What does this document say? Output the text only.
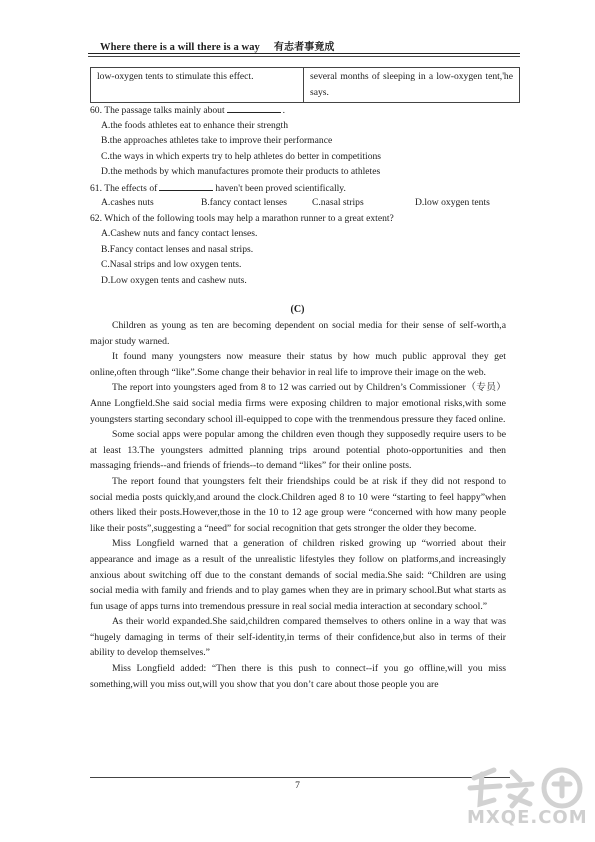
Where there is a will there is a way 有志者事竟成
low-oxygen tents to stimulate this effect.	several months of sleeping in a low-oxygen tent,'he says.
60. The passage talks mainly about	.
A.the foods athletes eat to enhance their strength
B.the approaches athletes take to improve their performance
C.the ways in which experts try to help athletes do better in competitions
D.the methods by which manufactures promote their products to athletes
61. The effects of	haven't been proved scientifically.
A.cashes nuts	B.fancy contact lenses	C.nasal strips	D.low oxygen tents
62. Which of the following tools may help a marathon runner to a great extent?
A.Cashew nuts and fancy contact lenses.
B.Fancy contact lenses and nasal strips.
C.Nasal strips and low oxygen tents.
D.Low oxygen tents and cashew nuts.
(C)

Children as young as ten are becoming dependent on social media for their sense of self-worth,a major study warned.

It found many youngsters now measure their status by how much public approval they get online,often through “like”.Some change their behavior in real life to improve their image on the web.

The report into youngsters aged from 8 to 12 was carried out by Children’s Commissioner（专员）Anne Longfield.She said social media firms were exposing children to major emotional risks,with some youngsters starting secondary school ill-equipped to cope with the trenmendous pressure they faced online.

Some social apps were popular among the children even though they supposedly require users to be at least 13.The youngsters admitted planning trips around potential photo-opportunities and then massaging friends--and friends of friends--to demand “likes” for their online posts.

The report found that youngsters felt their friendships could be at risk if they did not respond to social media posts quickly,and around the clock.Children aged 8 to 10 were “starting to feel happy”when others liked their posts.However,those in the 10 to 12 age group were “concerned with how many people like their posts”,suggesting a “need” for social recognition that gets stronger the older they become.

Miss Longfield warned that a generation of children risked growing up “worried about their appearance and image as a result of the unrealistic lifestyles they follow on platforms,and increasingly anxious about switching off due to the constant demands of social media.She said: “Children are using social media with family and friends and to play games when they are in primary school.But what starts as fun usage of apps turns into tremendous pressure in real social media interaction at secondary school.”

As their world expanded.She said,children compared themselves to others online in a way that was “hugely damaging in terms of their self-identity,in terms of their confidence,but also in terms of their ability to develop themselves.”

Miss Longfield added: “Then there is this push to connect--if you go offline,will you miss something,will you miss out,will you show that you don’t care about those people you are

7
MXQE.COM
